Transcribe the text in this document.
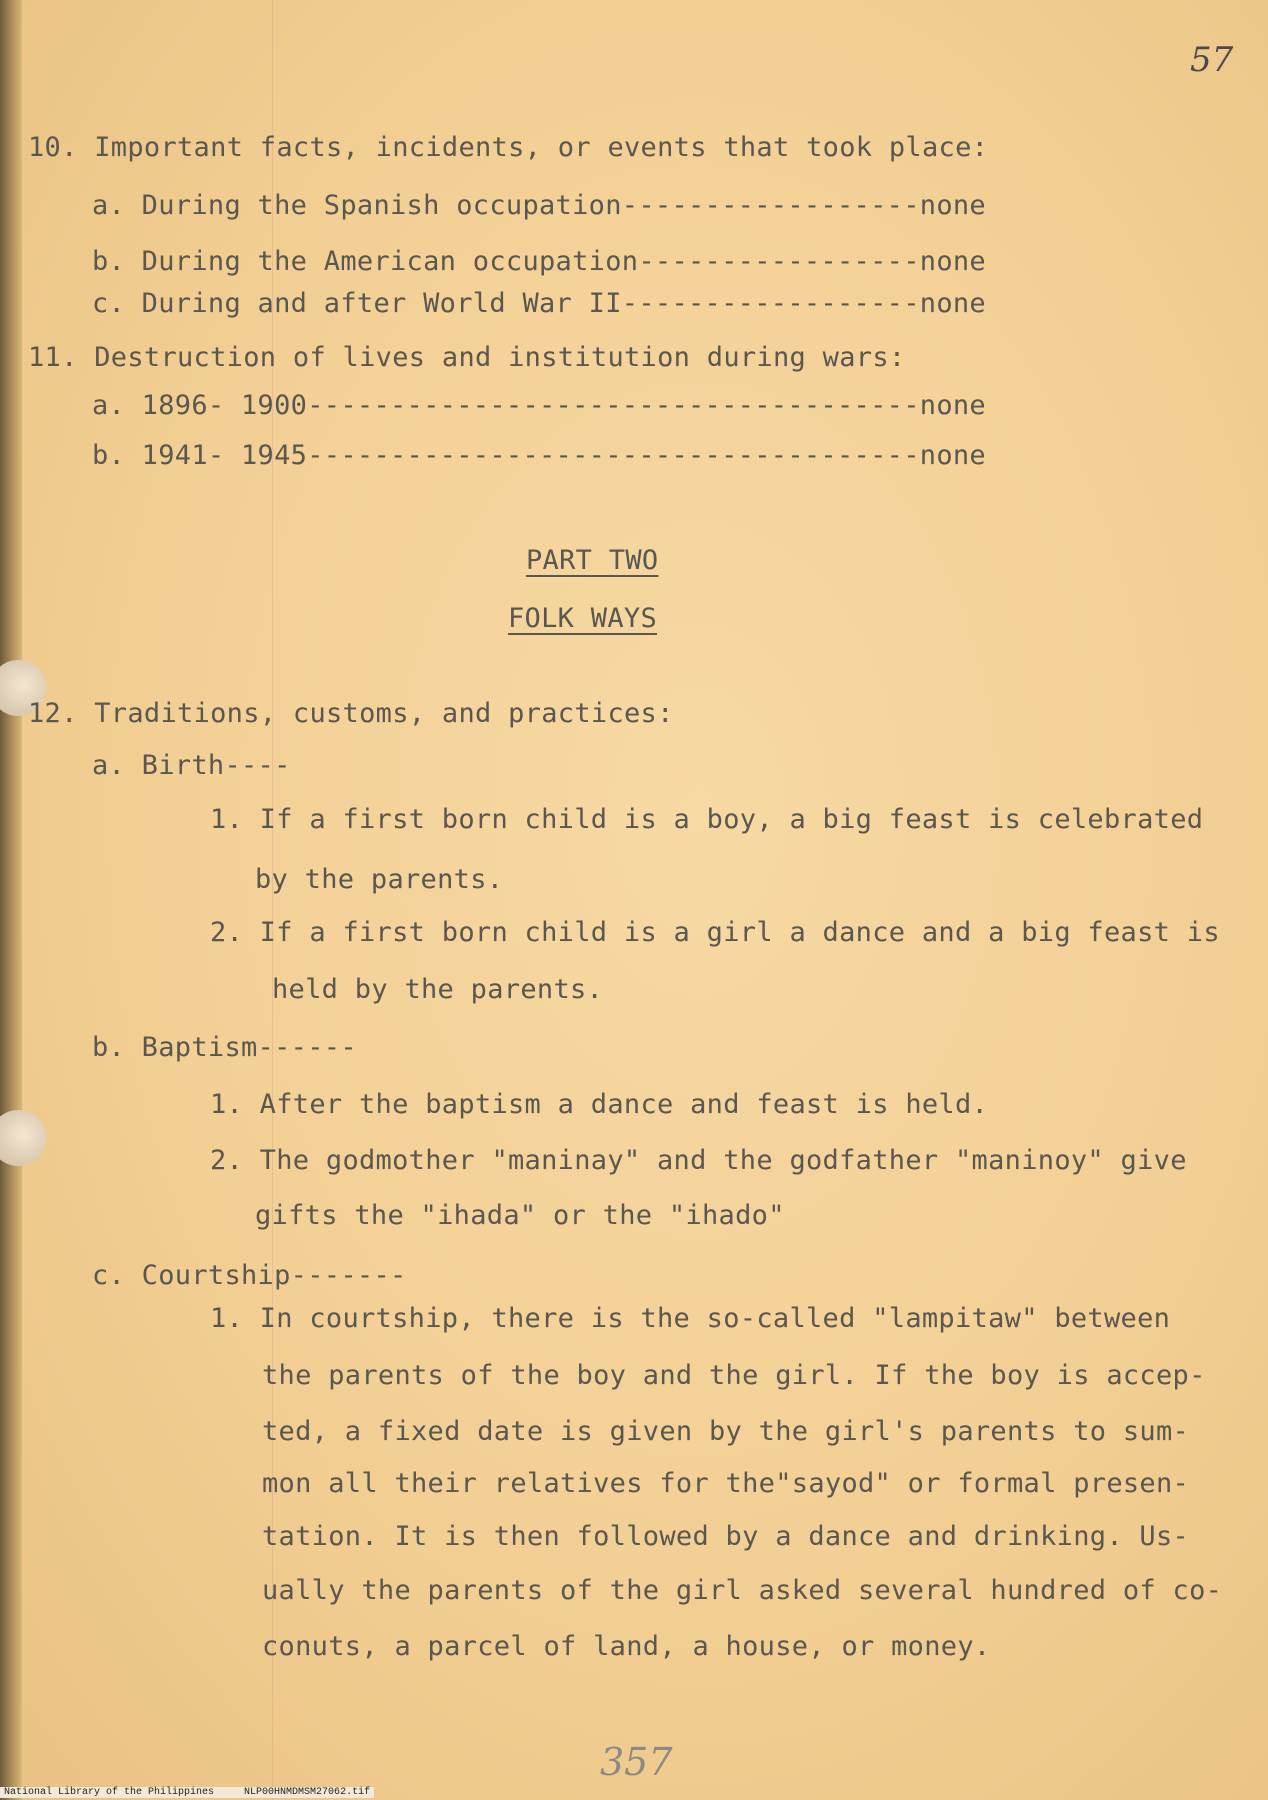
57
10. Important facts, incidents, or events that took place:
a. During the Spanish occupation------------------none
b. During the American occupation-----------------none
c. During and after World War II------------------none
11. Destruction of lives and institution during wars:
a. 1896- 1900-------------------------------------none
b. 1941- 1945-------------------------------------none
PART TWO
FOLK WAYS
12. Traditions, customs, and practices:
a. Birth----
1. If a first born child is a boy, a big feast is celebrated
by the parents.
2. If a first born child is a girl a dance and a big feast is
held by the parents.
b. Baptism------
1. After the baptism a dance and feast is held.
2. The godmother "maninay" and the godfather "maninoy" give
gifts the "ihada" or the "ihado"
c. Courtship-------
1. In courtship, there is the so-called "lampitaw" between
the parents of the boy and the girl. If the boy is accep-
ted, a fixed date is given by the girl's parents to sum-
mon all their relatives for the"sayod" or formal presen-
tation. It is then followed by a dance and drinking. Us-
ually the parents of the girl asked several hundred of co-
conuts, a parcel of land, a house, or money.
357
National Library of the Philippines	NLP00HNMDMSM27062.tif
